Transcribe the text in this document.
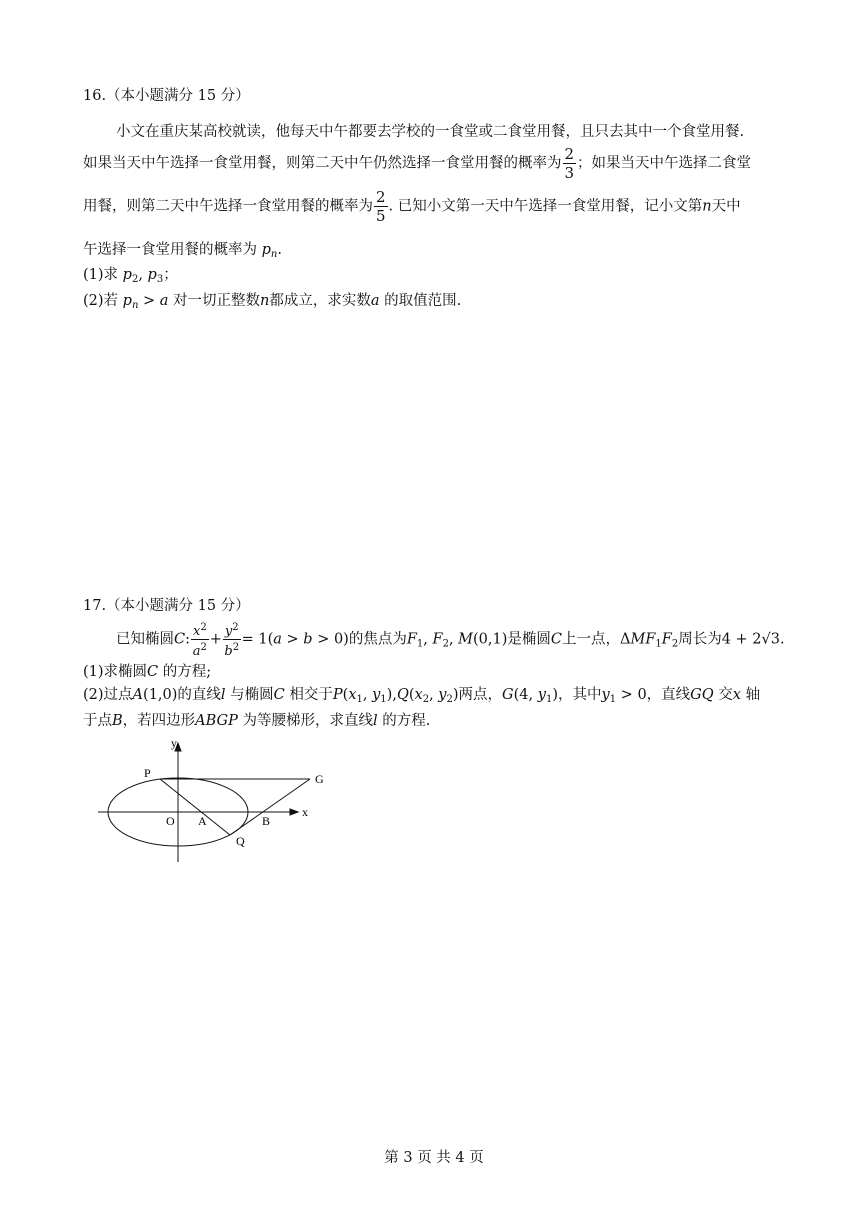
16.（本小题满分 15 分）
小文在重庆某高校就读，他每天中午都要去学校的一食堂或二食堂用餐，且只去其中一个食堂用餐.
如果当天中午选择一食堂用餐，则第二天中午仍然选择一食堂用餐的概率为 $\frac{2}{3}$ ；如果当天中午选择二食堂
用餐，则第二天中午选择一食堂用餐的概率为 $\frac{2}{5}$ . 已知小文第一天中午选择一食堂用餐，记小文第n天中
午选择一食堂用餐的概率为 $p_n$.
(1)求 $p_2$, $p_3$；
(2)若 $p_n > a$ 对一切正整数n都成立，求实数a 的取值范围.
17.（本小题满分 15 分）
已知椭圆C: $\frac{x^2}{a^2} + \frac{y^2}{b^2} = 1(a > b > 0)$的焦点为$F_1$, $F_2$, M(0,1)是椭圆C上一点，$\Delta MF_1F_2$周长为4 + 2√3.
(1)求椭圆C 的方程;
(2)过点A(1,0)的直线l 与椭圆C 相交于$P(x_1$, $y_1),Q(x_2$, $y_2$)两点，G(4, $y_1$)，其中$y_1 > 0$，直线GQ 交x 轴
于点B，若四边形ABGP 为等腰梯形，求直线l 的方程.
y
x
O A	B
P
Q
G
第 3 页 共 4 页
